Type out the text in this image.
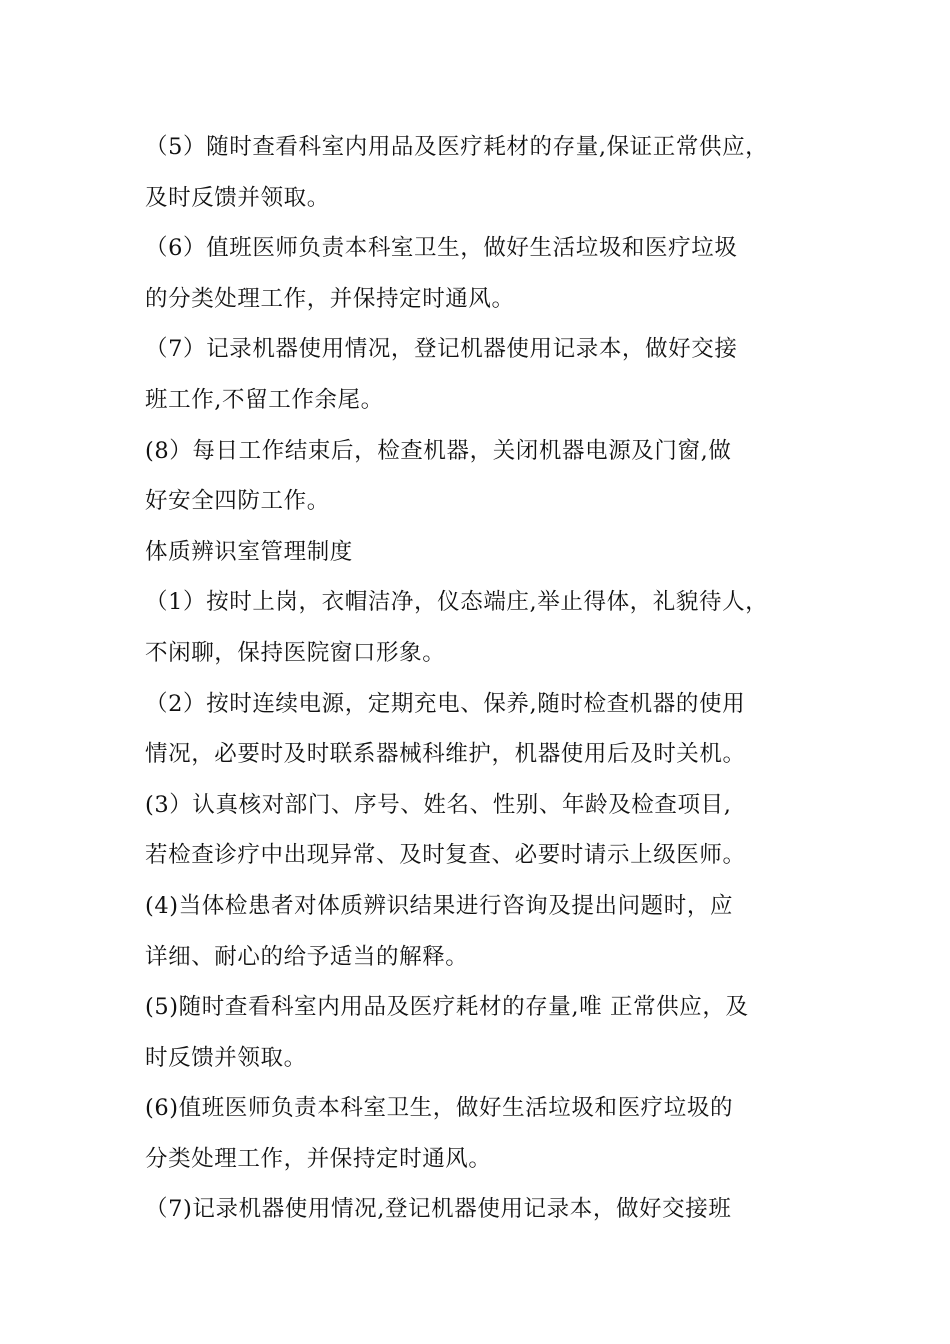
（5）随时查看科室内用品及医疗耗材的存量,保证正常供应，
及时反馈并领取。
（6）值班医师负责本科室卫生，做好生活垃圾和医疗垃圾
的分类处理工作，并保持定时通风。
（7）记录机器使用情况，登记机器使用记录本，做好交接
班工作,不留工作余尾。
(8）每日工作结束后，检查机器，关闭机器电源及门窗,做
好安全四防工作。
体质辨识室管理制度
（1）按时上岗，衣帽洁净，仪态端庄,举止得体，礼貌待人，
不闲聊，保持医院窗口形象。
（2）按时连续电源，定期充电、保养,随时检查机器的使用
情况，必要时及时联系器械科维护，机器使用后及时关机。
(3）认真核对部门、序号、姓名、性别、年龄及检查项目,
若检查诊疗中出现异常、及时复查、必要时请示上级医师。
(4)当体检患者对体质辨识结果进行咨询及提出问题时，应
详细、耐心的给予适当的解释。
(5)随时查看科室内用品及医疗耗材的存量,唯 正常供应，及
时反馈并领取。
(6)值班医师负责本科室卫生，做好生活垃圾和医疗垃圾的
分类处理工作，并保持定时通风。
（7)记录机器使用情况,登记机器使用记录本，做好交接班
